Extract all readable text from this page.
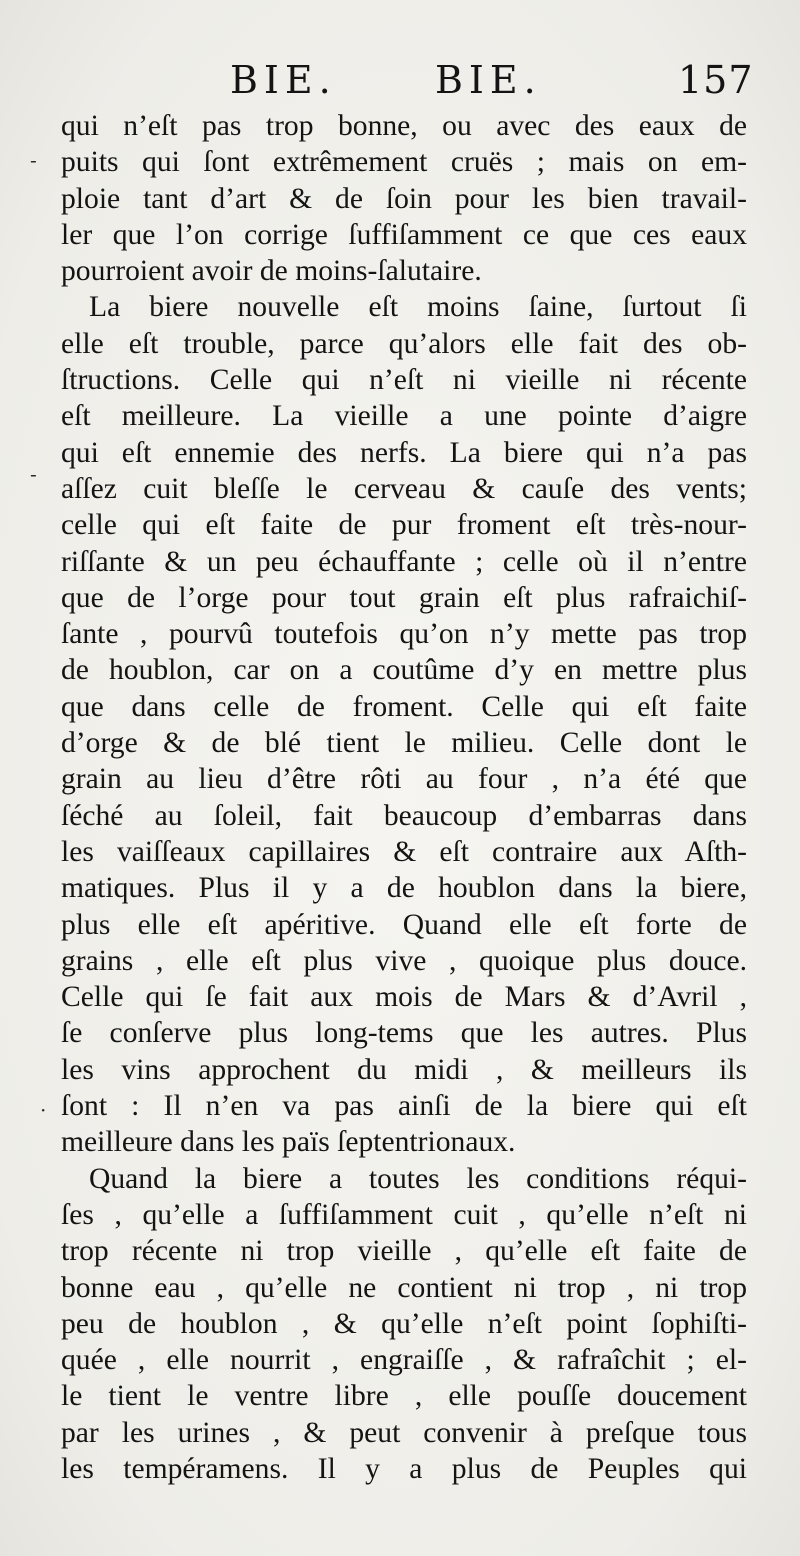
BIE.	BIE.	157
qui n’eſt pas trop bonne, ou avec des eaux de
puits qui ſont extrêmement cruës ; mais on em-
ploie tant d’art & de ſoin pour les bien travail-
ler que l’on corrige ſuffiſamment ce que ces eaux
pourroient avoir de moins-ſalutaire.
La biere nouvelle eſt moins ſaine, ſurtout ſi
elle eſt trouble, parce qu’alors elle fait des ob-
ſtructions. Celle qui n’eſt ni vieille ni récente
eſt meilleure. La vieille a une pointe d’aigre
qui eſt ennemie des nerfs. La biere qui n’a pas
aſſez cuit bleſſe le cerveau & cauſe des vents;
celle qui eſt faite de pur froment eſt très-nour-
riſſante & un peu échauffante ; celle où il n’entre
que de l’orge pour tout grain eſt plus rafraichiſ-
ſante , pourvû toutefois qu’on n’y mette pas trop
de houblon, car on a coutûme d’y en mettre plus
que dans celle de froment. Celle qui eſt faite
d’orge & de blé tient le milieu. Celle dont le
grain au lieu d’être rôti au four , n’a été que
ſéché au ſoleil, fait beaucoup d’embarras dans
les vaiſſeaux capillaires & eſt contraire aux Aſth-
matiques. Plus il y a de houblon dans la biere,
plus elle eſt apéritive. Quand elle eſt forte de
grains , elle eſt plus vive , quoique plus douce.
Celle qui ſe fait aux mois de Mars & d’Avril ,
ſe conſerve plus long-tems que les autres. Plus
les vins approchent du midi , & meilleurs ils
ſont : Il n’en va pas ainſi de la biere qui eſt
meilleure dans les païs ſeptentrionaux.
Quand la biere a toutes les conditions réqui-
ſes , qu’elle a ſuffiſamment cuit , qu’elle n’eſt ni
trop récente ni trop vieille , qu’elle eſt faite de
bonne eau , qu’elle ne contient ni trop , ni trop
peu de houblon , & qu’elle n’eſt point ſophiſti-
quée , elle nourrit , engraiſſe , & rafraîchit ; el-
le tient le ventre libre , elle pouſſe doucement
par les urines , & peut convenir à preſque tous
les tempéramens. Il y a plus de Peuples qui
-
-
·
